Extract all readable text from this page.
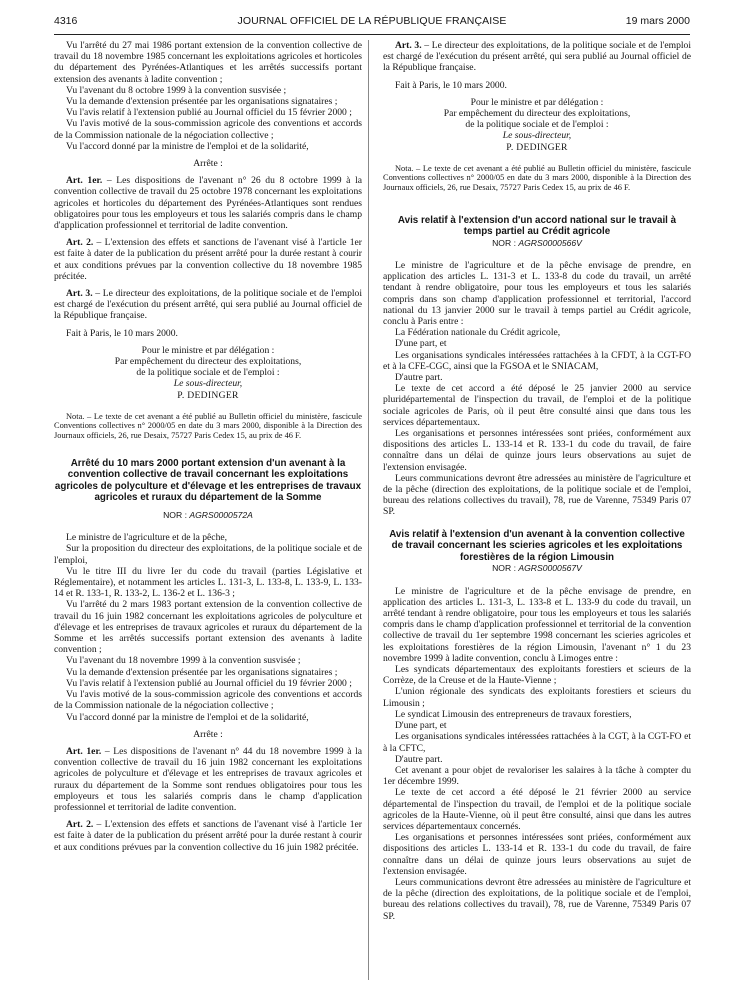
4316	JOURNAL OFFICIEL DE LA RÉPUBLIQUE FRANÇAISE	19 mars 2000

Vu l'arrêté du 27 mai 1986 portant extension de la convention collective de travail du 18 novembre 1985 concernant les exploitations agricoles et horticoles du département des Pyrénées-Atlantiques et les arrêtés successifs portant extension des avenants à ladite convention ;

Vu l'avenant du 8 octobre 1999 à la convention susvisée ;

Vu la demande d'extension présentée par les organisations signataires ;

Vu l'avis relatif à l'extension publié au Journal officiel du 15 février 2000 ;

Vu l'avis motivé de la sous-commission agricole des conventions et accords de la Commission nationale de la négociation collective ;

Vu l'accord donné par la ministre de l'emploi et de la solidarité,

Arrête :

Art. 1er. – Les dispositions de l'avenant n° 26 du 8 octobre 1999 à la convention collective de travail du 25 octobre 1978 concernant les exploitations agricoles et horticoles du département des Pyrénées-Atlantiques sont rendues obligatoires pour tous les employeurs et tous les salariés compris dans le champ d'application professionnel et territorial de ladite convention.

Art. 2. – L'extension des effets et sanctions de l'avenant visé à l'article 1er est faite à dater de la publication du présent arrêté pour la durée restant à courir et aux conditions prévues par la convention collective du 18 novembre 1985 précitée.

Art. 3. – Le directeur des exploitations, de la politique sociale et de l'emploi est chargé de l'exécution du présent arrêté, qui sera publié au Journal officiel de la République française.

Fait à Paris, le 10 mars 2000.

Pour le ministre et par délégation :

Par empêchement du directeur des exploitations,

de la politique sociale et de l'emploi :

Le sous-directeur,

P. DEDINGER

Nota. – Le texte de cet avenant a été publié au Bulletin officiel du ministère, fascicule Conventions collectives n° 2000/05 en date du 3 mars 2000, disponible à la Direction des Journaux officiels, 26, rue Desaix, 75727 Paris Cedex 15, au prix de 46 F.

Arrêté du 10 mars 2000 portant extension d'un avenant à la convention collective de travail concernant les exploitations agricoles de polyculture et d'élevage et les entreprises de travaux agricoles et ruraux du département de la Somme

NOR : AGRS0000572A

Le ministre de l'agriculture et de la pêche,

Sur la proposition du directeur des exploitations, de la politique sociale et de l'emploi,

Vu le titre III du livre Ier du code du travail (parties Législative et Réglementaire), et notamment les articles L. 131-3, L. 133-8, L. 133-9, L. 133-14 et R. 133-1, R. 133-2, L. 136-2 et L. 136-3 ;

Vu l'arrêté du 2 mars 1983 portant extension de la convention collective de travail du 16 juin 1982 concernant les exploitations agricoles de polyculture et d'élevage et les entreprises de travaux agricoles et ruraux du département de la Somme et les arrêtés successifs portant extension des avenants à ladite convention ;

Vu l'avenant du 18 novembre 1999 à la convention susvisée ;

Vu la demande d'extension présentée par les organisations signataires ;

Vu l'avis relatif à l'extension publié au Journal officiel du 19 février 2000 ;

Vu l'avis motivé de la sous-commission agricole des conventions et accords de la Commission nationale de la négociation collective ;

Vu l'accord donné par la ministre de l'emploi et de la solidarité,

Arrête :

Art. 1er. – Les dispositions de l'avenant n° 44 du 18 novembre 1999 à la convention collective de travail du 16 juin 1982 concernant les exploitations agricoles de polyculture et d'élevage et les entreprises de travaux agricoles et ruraux du département de la Somme sont rendues obligatoires pour tous les employeurs et tous les salariés compris dans le champ d'application professionnel et territorial de ladite convention.

Art. 2. – L'extension des effets et sanctions de l'avenant visé à l'article 1er est faite à dater de la publication du présent arrêté pour la durée restant à courir et aux conditions prévues par la convention collective du 16 juin 1982 précitée.

Art. 3. – Le directeur des exploitations, de la politique sociale et de l'emploi est chargé de l'exécution du présent arrêté, qui sera publié au Journal officiel de la République française.

Fait à Paris, le 10 mars 2000.

Pour le ministre et par délégation :

Par empêchement du directeur des exploitations,

de la politique sociale et de l'emploi :

Le sous-directeur,

P. DEDINGER

Nota. – Le texte de cet avenant a été publié au Bulletin officiel du ministère, fascicule Conventions collectives n° 2000/05 en date du 3 mars 2000, disponible à la Direction des Journaux officiels, 26, rue Desaix, 75727 Paris Cedex 15, au prix de 46 F.

Avis relatif à l'extension d'un accord national sur le travail à temps partiel au Crédit agricole

NOR : AGRS0000566V

Le ministre de l'agriculture et de la pêche envisage de prendre, en application des articles L. 131-3 et L. 133-8 du code du travail, un arrêté tendant à rendre obligatoire, pour tous les employeurs et tous les salariés compris dans son champ d'application professionnel et territorial, l'accord national du 13 janvier 2000 sur le travail à temps partiel au Crédit agricole, conclu à Paris entre :

La Fédération nationale du Crédit agricole,

D'une part, et

Les organisations syndicales intéressées rattachées à la CFDT, à la CGT-FO et à la CFE-CGC, ainsi que la FGSOA et le SNIACAM,

D'autre part.

Le texte de cet accord a été déposé le 25 janvier 2000 au service pluridépartemental de l'inspection du travail, de l'emploi et de la politique sociale agricoles de Paris, où il peut être consulté ainsi que dans tous les services départementaux.

Les organisations et personnes intéressées sont priées, conformément aux dispositions des articles L. 133-14 et R. 133-1 du code du travail, de faire connaître dans un délai de quinze jours leurs observations au sujet de l'extension envisagée.

Leurs communications devront être adressées au ministère de l'agriculture et de la pêche (direction des exploitations, de la politique sociale et de l'emploi, bureau des relations collectives du travail), 78, rue de Varenne, 75349 Paris 07 SP.

Avis relatif à l'extension d'un avenant à la convention collective de travail concernant les scieries agricoles et les exploitations forestières de la région Limousin

NOR : AGRS0000567V

Le ministre de l'agriculture et de la pêche envisage de prendre, en application des articles L. 131-3, L. 133-8 et L. 133-9 du code du travail, un arrêté tendant à rendre obligatoire, pour tous les employeurs et tous les salariés compris dans le champ d'application professionnel et territorial de la convention collective de travail du 1er septembre 1998 concernant les scieries agricoles et les exploitations forestières de la région Limousin, l'avenant n° 1 du 23 novembre 1999 à ladite convention, conclu à Limoges entre :

Les syndicats départementaux des exploitants forestiers et scieurs de la Corrèze, de la Creuse et de la Haute-Vienne ;

L'union régionale des syndicats des exploitants forestiers et scieurs du Limousin ;

Le syndicat Limousin des entrepreneurs de travaux forestiers,

D'une part, et

Les organisations syndicales intéressées rattachées à la CGT, à la CGT-FO et à la CFTC,

D'autre part.

Cet avenant a pour objet de revaloriser les salaires à la tâche à compter du 1er décembre 1999.

Le texte de cet accord a été déposé le 21 février 2000 au service départemental de l'inspection du travail, de l'emploi et de la politique sociale agricoles de la Haute-Vienne, où il peut être consulté, ainsi que dans les autres services départementaux concernés.

Les organisations et personnes intéressées sont priées, conformément aux dispositions des articles L. 133-14 et R. 133-1 du code du travail, de faire connaître dans un délai de quinze jours leurs observations au sujet de l'extension envisagée.

Leurs communications devront être adressées au ministère de l'agriculture et de la pêche (direction des exploitations, de la politique sociale et de l'emploi, bureau des relations collectives du travail), 78, rue de Varenne, 75349 Paris 07 SP.
